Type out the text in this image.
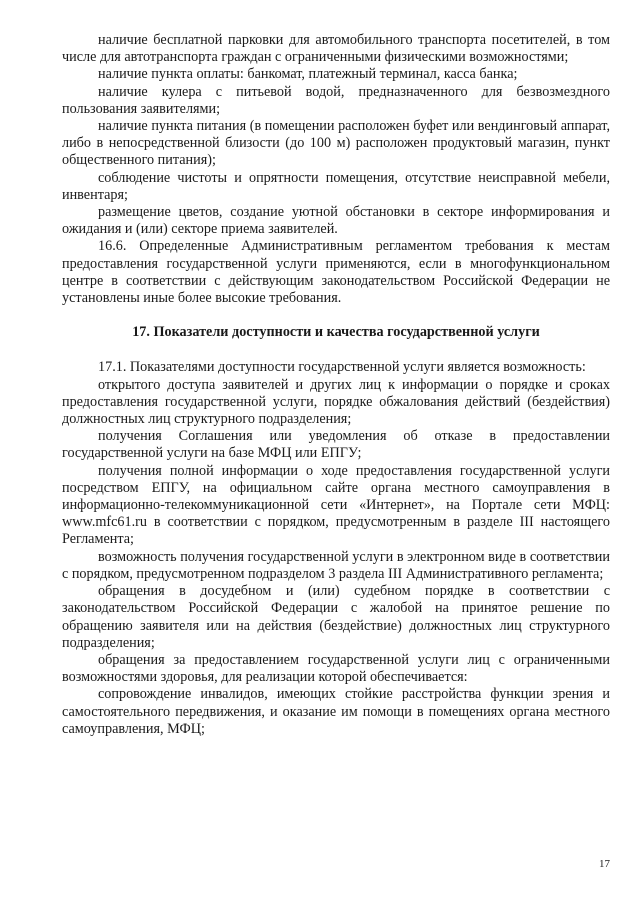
наличие бесплатной парковки для автомобильного транспорта посетителей, в том числе для автотранспорта граждан с ограниченными физическими возможностями;

наличие пункта оплаты: банкомат, платежный терминал, касса банка;

наличие кулера с питьевой водой, предназначенного для безвозмездного пользования заявителями;

наличие пункта питания (в помещении расположен буфет или вендинговый аппарат, либо в непосредственной близости (до 100 м) расположен продуктовый магазин, пункт общественного питания);

соблюдение чистоты и опрятности помещения, отсутствие неисправной мебели, инвентаря;

размещение цветов, создание уютной обстановки в секторе информирования и ожидания и (или) секторе приема заявителей.

16.6. Определенные Административным регламентом требования к местам предоставления государственной услуги применяются, если в многофункциональном центре в соответствии с действующим законодательством Российской Федерации не установлены иные более высокие требования.

17. Показатели доступности и качества государственной услуги

17.1. Показателями доступности государственной услуги является возможность:

открытого доступа заявителей и других лиц к информации о порядке и сроках предоставления государственной услуги, порядке обжалования действий (бездействия) должностных лиц структурного подразделения;

получения Соглашения или уведомления об отказе в предоставлении государственной услуги на базе МФЦ или ЕПГУ;

получения полной информации о ходе предоставления государственной услуги посредством ЕПГУ, на официальном сайте органа местного самоуправления в информационно-телекоммуникационной сети «Интернет», на Портале сети МФЦ: www.mfc61.ru в соответствии с порядком, предусмотренным в разделе III настоящего Регламента;

возможность получения государственной услуги в электронном виде в соответствии с порядком, предусмотренном подразделом 3 раздела III Административного регламента;

обращения в досудебном и (или) судебном порядке в соответствии с законодательством Российской Федерации с жалобой на принятое решение по обращению заявителя или на действия (бездействие) должностных лиц структурного подразделения;

обращения за предоставлением государственной услуги лиц с ограниченными возможностями здоровья, для реализации которой обеспечивается:

сопровождение инвалидов, имеющих стойкие расстройства функции зрения и самостоятельного передвижения, и оказание им помощи в помещениях органа местного самоуправления, МФЦ;

17
